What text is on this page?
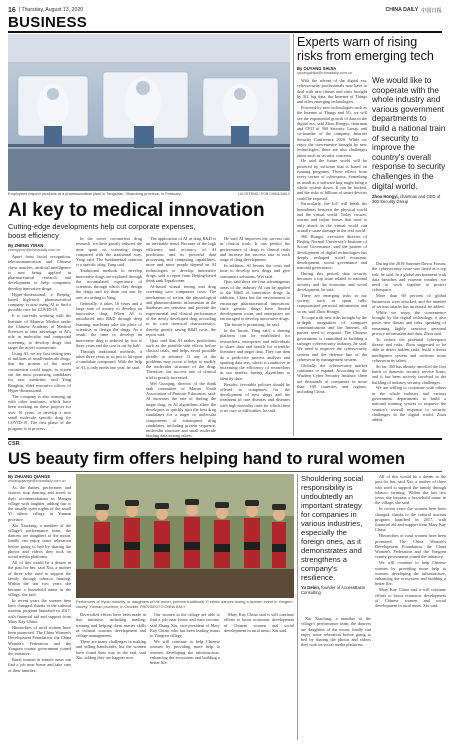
16 | Thursday, August 13, 2020	CHINA DAILY 中国日报
BUSINESS
Employees inspect products at a pharmaceutical plant in Tangshan, Shandong province, in February.	LIU KEFENG / FOR CHINA DAILY
AI key to medical innovation
Cutting-edge developments help cut corporate expenses, boost efficiency
By ZHENG YIRAN
zhengyiran@chinadaily.com.cn

Apart from facial recognition, telecommunication and Chinese chess matches, artificial intelligence is now being applied in pharmaceutical research and development to help companies develop innovative drugs.

Hyper-dimensional, a Beijing-based high-tech pharmaceutical company, is now using AI to find a possible cure for COVID-19.

It is currently working with the Institute of Materia Medica under the Chinese Academy of Medical Sciences to take advantage of AI's role in molecular and compound screening, to develop drugs that target the novel coronavirus.

Using AI, we are first testing tens of millions of small-molecule drugs, that the protein of the novel coronavirus could target, to screen out the most promising candidates for new medicine, said Yang Rongbin, chief executive officer of Hyper-dimensional.

The company is also teaming up with other institutes, which have been working on these projects for over 10 years, to develop a new small molecule specific drug for COVID-19. The first phase of the program is in process.

In the novel coronavirus drug research, we have greatly reduced the time spent on screening drugs compared with the traditional way, Yang said. The fundamental solution is a specific drug, Yang said.

Traditional methods to develop innovative drugs are explored through the accumulated experience of scientists through which they design the drugs and try them out one by one, according to Yang.

Generally, it takes 10 years and a large sum of money to develop an innovative drug. When AI is introduced into R&D through deep learning, machines take the place of scientists to design the drugs. As a result, the time to develop an innovative drug is reduced by two to three years and the cost is cut by half.

Through traditional methods, it takes three years or so just to hit upon a candidate compound. With the help of AI, it only needs one year, he said.

The application of AI in drug R&D is an inevitable trend. Because of the high efficiency and accuracy of AI prediction, and its powerful data processing and computing capabilities, more and more people depend on AI technologies to develop innovative drugs, said a report from Beijing-based think tank Equalocean.

AI-based virtual testing and drug screening save companies costs. The mechanism of action, the physiological and pharmacokinetic information in the databases are sensitive and provide the experimental and clinical performance of the newly developed drug according to its own chemical characteristics, thereby greatly saving R&D costs, the report said.

Qiao said that AI makes predictions such as the possible side effects before clinical trials, and helps avoid possible pitfalls in advance. If any of the problems may occur, it helps to modify the molecular structure of the drug. Therefore, the success rate of clinical trial is greatly increased.

Wei Guoqing, director of the think tank committee of Macau Youth Association of Patriotic Education, said: AI increases the rate of finding the target drug, as AI algorithms allow the developers to quickly spot the best drug candidates for a target or molecular components of subsequent drug candidates, including protein sequence, molecular structure and small molecule binding data among others.

He said AI improves the success rate in clinical trials. It can predict the performance of drugs in clinical trials and increase the success rate at each stage of drug development.

In addition, AI lowers the costs and time to develop new drugs and give consumers solutions, Wei said.

Qiao said there are four advantageous areas of the industry AI can be applied to the R&D of innovative drugs. In addition, China has the environment to encourage pharmaceutical innovation, since generic drugs have limited development room, and enterprises are encouraged to develop innovative drugs.

The future is promising, he said.

In the future, Yang said, a sharing platform can be established for researchers, enterprises and individuals to share data and search for scientific literature and target data. They can then do a predictive process analysis and spotting data sets, which is conducive in increasing the efficiency of researchers in our market, having algorithms to identify data.

Besides, favorable policies should be offered to companies for the development of new drugs and the treatment of rare diseases and diseases with high mortality rates for which there is no cure or difficulties, he said.

Experts warn of rising risks from emerging tech
By OUYANG SHIJIA
ouyangshijia@chinadaily.com.cn

With the advent of the digital era, cybersecurity professionals now have to deal with new threats and risks brought by 5G, big data, the Internet of Things and other emerging technologies.

Powered by new technologies such as the Internet of Things and 5G, we will see the exponential growth of data in the digital era, said Zhou Hongyi, chairman and CEO of 360 Security Group, and co-founder of the company. Internet Security Conference 2020. While we enjoy the convenience brought by new technologies, there are also challenges about such as security concerns.

He said the future world will be powered by software that is based on running programs. These effects from every corner of cyberspace. Something as small as a software bug might bring a whole system down. It can be hacked, and the risks of billions of smart devices could be exposed.

Particularly, the IoT will break the boundaries between the physical world and the virtual world. Today viruses, worms and trojan horses that used to only attack in the virtual world can actually cause damage in the real world.

360 Hongyi, executive director of Beijing Normal University's Institute of Social Governance, said the pattern of development of digital technologies has deeply reshaped social economic development, social governance and national governance.

During this period, data security becomes a top issue related to national security and the economic and social development, he said.

There are emerging risks in our society, such as spam calls, compromised personal information and so on, said Zhou Hongyi.

To cope with new risks brought by the in-depth integration of computer communications and the Internet, all parties need to respond. The Chinese government is committed to building a stronger cybersecurity industry, he said. We need to improve the cybersecurity system and the defense line of the cybersecurity management system.

Globally, the cybersecurity market continues to expand. According to the Wuzhen Cyber Security Institute, there are thousands of companies in more than 100 countries and regions, including China.

We would like to cooperate with the whole industry and various government departments to build a national train of security to improve the country's overall response to security challenges in the digital world.
Zhou Hongyi, chairman and CEO of 360 Security Group

During the 2019 Summer Davos Forum, the cybersecurity issue was listed as a top risk, he said. In a global environment with data breaches and extreme weather, we need to work together to protect cyberspace.

More than 60 percent of global businesses were attacked, and the number of serious attacks has increased, he added.

While we enjoy the convenience brought by the digital technology, it also poses new threats and risks, speaking of remaining highly sensitive personal privacy information and data, Zhou said.

To reduce the potential cyberspace threats and risks, Zhou suggested to be able to detect hidden risks, build a threat intelligence system and cultivate more cybersecurity talent.

So far, 360 has already unveiled the first batch of domestic security service firms, and it has been actively involved in the building of industry security challenges.

We are willing to cooperate with others in the whole industry and various government departments to build a national training system to improve the country's overall response to security challenges in the digital world, Zhou added.

CSR
US beauty firm offers helping hand to rural women
By ZHUANG QIANGE
zhuangqiange@chinadaily.com.cn

As the dashes, performers and visitors stop dancing and travel to their accommodations in Mengtu village with laughter, adding fun to the usually quiet nights of the small Yi ethnic village in Yunnan province.

Xiu Xiaofang, a member of the village's performance team, the dancers are daughters of the moon, finally can enjoy some relaxation before going to bed by sharing the photos and videos they took on social media platforms.

All of this would be a dream in the past for her, said Xiu, a mother of three who used to support the family through tobacco farming. Within the last two years she became a household name in the village, she said.

In recent years the women here have changed, thanks to the cultural tourism program launched in 2017, with financial aid and support from Mary Kay China.

Hierarchies of rural women have been promoted. The China Women's Development Foundation, the China Women's Federation and the Yongren county government joined the initiative.

Rural women in remote areas can find a job near home and take care of their families.

Performers of Hyolo minority, or daughters of the moon, perform traditional Yi ethnic dances during a tourism event in Yongren county, Yunnan province, in October. PROVIDED TO CHINA DAILY

Diversified efforts have been made in this initiative, including funding, training and helping them master skills in cultural tourism development and village management.

There are many challenges in making and selling handicrafts, but the women have found their way in the end, said Xiu, adding they are happier now.

Our women in the village are able to find a job near home and earn income, said Zhang Xin, vice-president of Mary Kay China, who has been leading teams to Yongren village.

We will continue to help Chinese women by providing more help to women, developing the infrastructure, enhancing the ecosystem and building a better life.

Mary Kay China said it will continue efforts to boost economic development of Chinese women and social development in rural areas, Xiu said.

Shouldering social responsibility is undoubtedly an important strategy for companies in various industries, especially the foreign ones, as it demonstrates and strengthens a company's resilience.
Yu Debin, founder of AccessBasin Consulting

Xiu Xiaofang, a member of the village's performance team, the dancers are daughters of the moon, finally can enjoy some relaxation before going to bed by sharing the photos and videos they took on social media platforms.

All of this would be a dream in the past for her, said Xiu, a mother of three who used to support the family through tobacco farming. Within the last two years she became a household name in the village, she said.

In recent years the women here have changed, thanks to the cultural tourism program launched in 2017, with financial aid and support from Mary Kay China.

Hierarchies of rural women have been promoted. The China Women's Development Foundation, the China Women's Federation and the Yongren county government joined the initiative.

We will continue to help Chinese women by providing more help to women, developing the infrastructure, enhancing the ecosystem and building a better life.

Mary Kay China said it will continue efforts to boost economic development of Chinese women and social development in rural areas, Xiu said.
